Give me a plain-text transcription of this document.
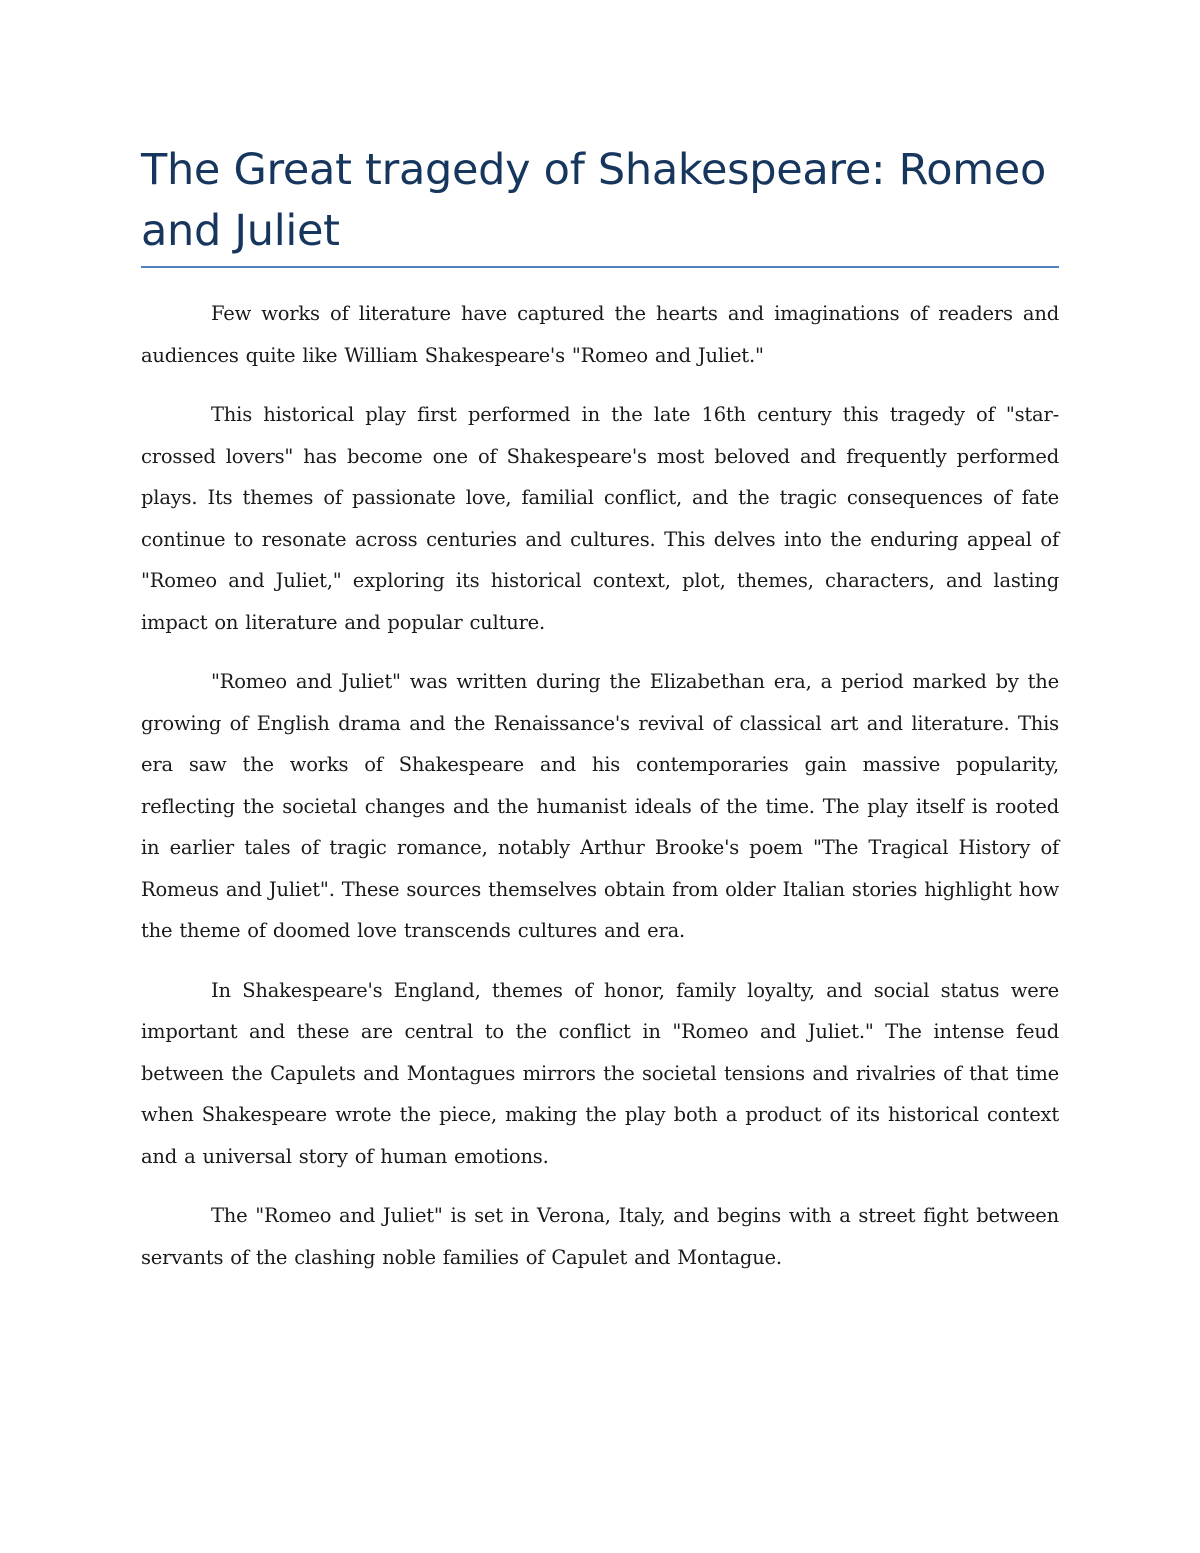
The Great tragedy of Shakespeare: Romeo and Juliet

Few works of literature have captured the hearts and imaginations of readers and audiences quite like William Shakespeare's "Romeo and Juliet."

This historical play first performed in the late 16th century this tragedy of "star-crossed lovers" has become one of Shakespeare's most beloved and frequently performed plays. Its themes of passionate love, familial conflict, and the tragic consequences of fate continue to resonate across centuries and cultures. This delves into the enduring appeal of "Romeo and Juliet," exploring its historical context, plot, themes, characters, and lasting impact on literature and popular culture.

"Romeo and Juliet" was written during the Elizabethan era, a period marked by the growing of English drama and the Renaissance's revival of classical art and literature. This era saw the works of Shakespeare and his contemporaries gain massive popularity, reflecting the societal changes and the humanist ideals of the time. The play itself is rooted in earlier tales of tragic romance, notably Arthur Brooke's poem "The Tragical History of Romeus and Juliet". These sources themselves obtain from older Italian stories highlight how the theme of doomed love transcends cultures and era.

In Shakespeare's England, themes of honor, family loyalty, and social status were important and these are central to the conflict in "Romeo and Juliet." The intense feud between the Capulets and Montagues mirrors the societal tensions and rivalries of that time when Shakespeare wrote the piece, making the play both a product of its historical context and a universal story of human emotions.

The "Romeo and Juliet" is set in Verona, Italy, and begins with a street fight between servants of the clashing noble families of Capulet and Montague.
